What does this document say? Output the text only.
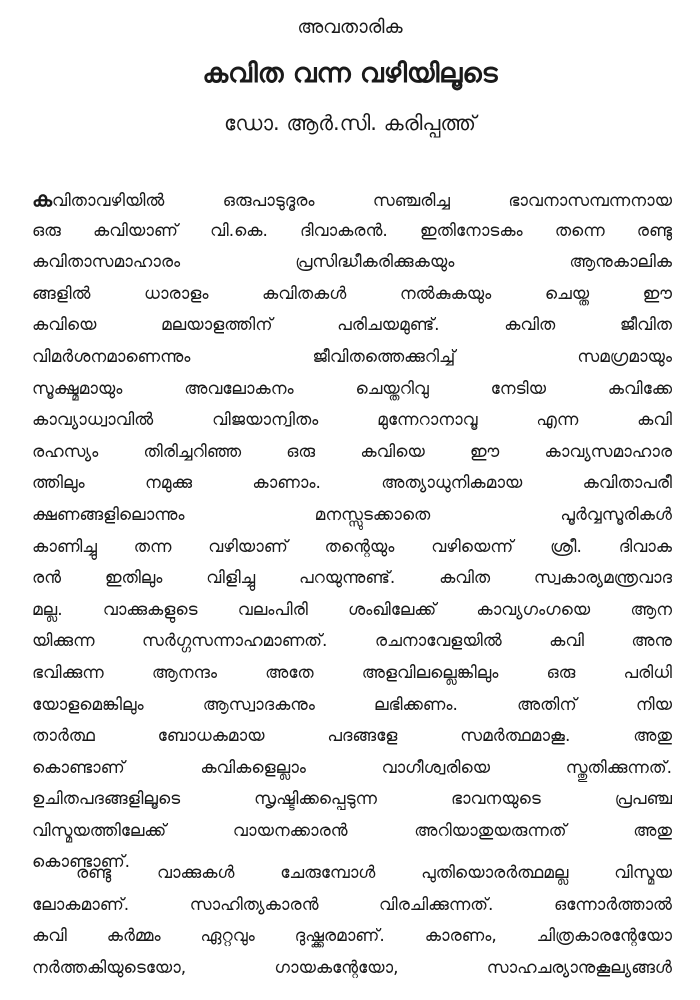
അവതാരിക
കവിത വന്ന വഴിയിലൂടെ
ഡോ. ആർ.സി. കരിപ്പത്ത്
കവിതാവഴിയിൽ ഒരുപാടുദൂരം സഞ്ചരിച്ച ഭാവനാസമ്പന്നനായ
ഒരു കവിയാണ് വി.കെ. ദിവാകരൻ. ഇതിനോടകം തന്നെ രണ്ടു
കവിതാസമാഹാരം പ്രസിദ്ധീകരിക്കുകയും ആനുകാലിക
ങ്ങളിൽ ധാരാളം കവിതകൾ നൽകുകയും ചെയ്ത ഈ
കവിയെ മലയാളത്തിന് പരിചയമുണ്ട്. കവിത ജീവിത
വിമർശനമാണെന്നും ജീവിതത്തെക്കുറിച്ച് സമഗ്രമായും
സൂക്ഷ്മമായും അവലോകനം ചെയ്തറിവു നേടിയ കവിക്കേ
കാവ്യാധ്വാവിൽ വിജയാന്വിതം മുന്നേറാനാവൂ എന്ന കവി
രഹസ്യം തിരിച്ചറിഞ്ഞ ഒരു കവിയെ ഈ കാവ്യസമാഹാര
ത്തിലും നമുക്കു കാണാം. അത്യാധുനികമായ കവിതാപരീ
ക്ഷണങ്ങളിലൊന്നും മനസ്സുടക്കാതെ പൂർവ്വസൂരികൾ
കാണിച്ചു തന്ന വഴിയാണ് തന്റെയും വഴിയെന്ന് ശ്രീ. ദിവാക
രൻ ഇതിലും വിളിച്ചു പറയുന്നുണ്ട്. കവിത സ്വകാര്യമന്ത്രവാദ
മല്ല. വാക്കുകളുടെ വലംപിരി ശംഖിലേക്ക് കാവ്യഗംഗയെ ആന
യിക്കുന്ന സർഗ്ഗസന്നാഹമാണത്. രചനാവേളയിൽ കവി അനു
ഭവിക്കുന്ന ആനന്ദം അതേ അളവിലല്ലെങ്കിലും ഒരു പരിധി
യോളമെങ്കിലും ആസ്വാദകനും ലഭിക്കണം. അതിന് നിയ
താർത്ഥ ബോധകമായ പദങ്ങളേ സമർത്ഥമാകൂ. അതു
കൊണ്ടാണ് കവികളെല്ലാം വാഗീശ്വരിയെ സ്തുതിക്കുന്നത്.
ഉചിതപദങ്ങളിലൂടെ സൃഷ്ടിക്കപ്പെടുന്ന ഭാവനയുടെ പ്രപഞ്ച
വിസ്മയത്തിലേക്ക് വായനക്കാരൻ അറിയാതുയരുന്നത് അതു
കൊണ്ടാണ്.
രണ്ടു വാക്കുകൾ ചേരുമ്പോൾ പുതിയൊരർത്ഥമല്ല വിസ്മയ
ലോകമാണ്. സാഹിത്യകാരൻ വിരചിക്കുന്നത്. ഒന്നോർത്താൽ
കവി കർമ്മം ഏറ്റവും ദുഷ്ക്കരമാണ്. കാരണം, ചിത്രകാരന്റേയോ
നർത്തകിയുടെയോ, ഗായകന്റേയോ, സാഹചര്യാനുകൂല്യങ്ങൾ
